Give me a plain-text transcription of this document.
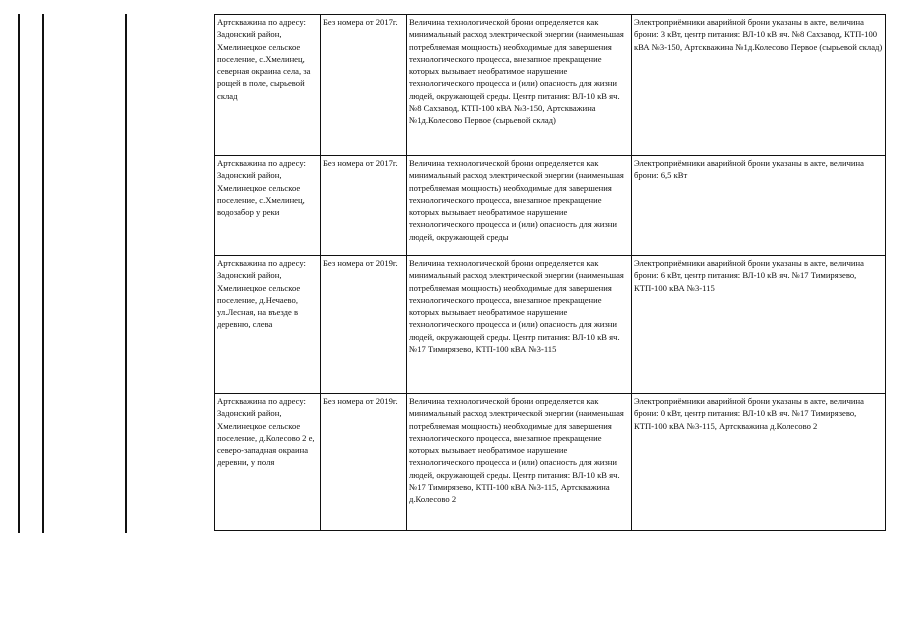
Артскважина по адресу: Задонский район, Хмелинецкое сельское поселение, с.Хмелинец, северная окраина села, за рощей в поле, сырьевой склад	Без номера от 2017г.	Величина технологической брони определяется как минимальный расход электрической энергии (наименьшая потребляемая мощность) необходимые для завершения технологического процесса, внезапное прекращение которых вызывает необратимое нарушение технологического процесса и (или) опасность для жизни людей, окружающей среды. Центр питания: ВЛ-10 кВ яч. №8 Сахзавод, КТП-100 кВА №3-150, Артскважина №1д.Колесово Первое (сырьевой склад)	Электроприёмники аварийной брони указаны в акте, величина брони: 3 кВт, центр питания: ВЛ-10 кВ яч. №8 Сахзавод, КТП-100 кВА №3-150, Артскважина №1д.Колесово Первое (сырьевой склад)

Артскважина по адресу: Задонский район, Хмелинецкое сельское поселение, с.Хмелинец, водозабор у реки	Без номера от 2017г.	Величина технологической брони определяется как минимальный расход электрической энергии (наименьшая потребляемая мощность) необходимые для завершения технологического процесса, внезапное прекращение которых вызывает необратимое нарушение технологического процесса и (или) опасность для жизни людей, окружающей среды	Электроприёмники аварийной брони указаны в акте, величина брони: 6,5 кВт

Артскважина по адресу: Задонский район, Хмелинецкое сельское поселение, д.Нечаево, ул.Лесная, на въезде в деревню, слева	Без номера от 2019г.	Величина технологической брони определяется как минимальный расход электрической энергии (наименьшая потребляемая мощность) необходимые для завершения технологического процесса, внезапное прекращение которых вызывает необратимое нарушение технологического процесса и (или) опасность для жизни людей, окружающей среды. Центр питания: ВЛ-10 кВ яч. №17 Тимирязево, КТП-100 кВА №3-115	Электроприёмники аварийной брони указаны в акте, величина брони: 6 кВт, центр питания: ВЛ-10 кВ яч. №17 Тимирязево, КТП-100 кВА №3-115

Артскважина по адресу: Задонский район, Хмелинецкое сельское поселение, д.Колесово 2 е, северо-западная окраина деревни, у поля	Без номера от 2019г.	Величина технологической брони определяется как минимальный расход электрической энергии (наименьшая потребляемая мощность) необходимые для завершения технологического процесса, внезапное прекращение которых вызывает необратимое нарушение технологического процесса и (или) опасность для жизни людей, окружающей среды. Центр питания: ВЛ-10 кВ яч. №17 Тимирязево, КТП-100 кВА №3-115, Артскважина д.Колесово 2	Электроприёмники аварийной брони указаны в акте, величина брони: 0 кВт, центр питания: ВЛ-10 кВ яч. №17 Тимирязево, КТП-100 кВА №3-115, Артскважина д.Колесово 2
